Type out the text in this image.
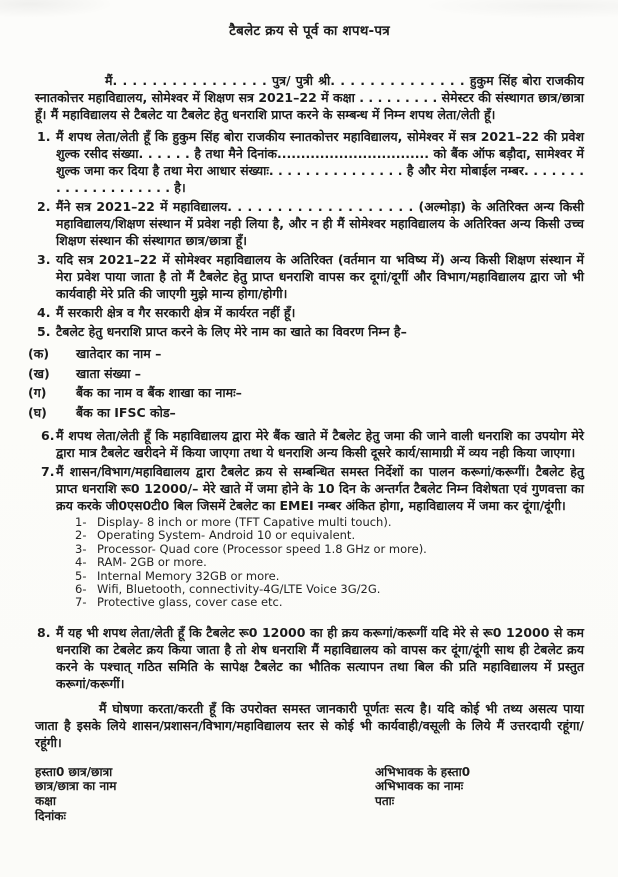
टैबलेट क्रय से पूर्व का शपथ-पत्र

मैं. . . . . . . . . . . . . . . . पुत्र/ पुत्री श्री. . . . . . . . . . . . . . हुकुम सिंह बोरा राजकीय स्नातकोत्तर महाविद्यालय, सोमेश्वर में शिक्षण सत्र 2021–22 में कक्षा . . . . . . . . . सेमेस्टर की संस्थागत छात्र/छात्रा हूँ। मैं महाविद्यालय से टैबलेट या टैबलेट हेतु धनराशि प्राप्त करने के सम्बन्ध में निम्न शपथ लेता/लेती हूँ।

1. मैं शपथ लेता/लेती हूँ कि हुकुम सिंह बोरा राजकीय स्नातकोत्तर महाविद्यालय, सोमेश्वर में सत्र 2021–22 की प्रवेश शुल्क रसीद संख्या. . . . . . है तथा मैने दिनांक................................ को बैंक ऑफ बड़ौदा, सामेश्वर में शुल्क जमा कर दिया है तथा मेरा आधार संख्याः. . . . . . . . . . . . . . . है और मेरा मोबाईल नम्बर. . . . . . . . . . . . . . . . . . . . है।
2. मैंने सत्र 2021–22 में महाविद्यालय. . . . . . . . . . . . . . . . . . . (अल्मोड़ा) के अतिरिक्त अन्य किसी महाविद्यालय/शिक्षण संस्थान में प्रवेश नही लिया है, और न ही मैं सोमेश्वर महाविद्यालय के अतिरिक्त अन्य किसी उच्च शिक्षण संस्थान की संस्थागत छात्र/छात्रा हूँ।
3. यदि सत्र 2021–22 में सोमेश्वर महाविद्यालय के अतिरिक्त (वर्तमान या भविष्य में) अन्य किसी शिक्षण संस्थान में मेरा प्रवेश पाया जाता है तो मैं टैबलेट हेतु प्राप्त धनराशि वापस कर दूगां/दूगीं और विभाग/महाविद्यालय द्वारा जो भी कार्यवाही मेरे प्रति की जाएगी मुझे मान्य होगा/होगी।
4. मैं सरकारी क्षेत्र व गैर सरकारी क्षेत्र में कार्यरत नहीं हूँ।
5. टैबलेट हेतु धनराशि प्राप्त करने के लिए मेरे नाम का खाते का विवरण निम्न है–
(क)	खातेदार का नाम –
(ख)	खाता संख्या –
(ग)	बैंक का नाम व बैंक शाखा का नामः–
(घ)	बैंक का IFSC कोड–
6. मैं शपथ लेता/लेती हूँ कि महाविद्यालय द्वारा मेरे बैंक खाते में टैबलेट हेतु जमा की जाने वाली धनराशि का उपयोग मेरे द्वारा मात्र टैबलेट खरीदने में किया जाएगा तथा ये धनराशि अन्य किसी दूसरे कार्य/सामाग्री में व्यय नही किया जाएगा।
7. मैं शासन/विभाग/महाविद्यालय द्वारा टैबलेट क्रय से सम्बन्धित समस्त निर्देशों का पालन करूगां/करूगीं। टैबलेट हेतु प्राप्त धनराशि रू0 12000/– मेरे खाते में जमा होने के 10 दिन के अन्तर्गत टैबलेट निम्न विशेषता एवं गुणवत्ता का क्रय करके जी0एस0टी0 बिल जिसमें टेबलेट का EMEI नम्बर अंकित होगा, महाविद्यालय में जमा कर दूंगा/दूंगी।
1- Display- 8 inch or more (TFT Capative multi touch).
2- Operating System- Android 10 or equivalent.
3- Processor- Quad core (Processor speed 1.8 GHz or more).
4- RAM- 2GB or more.
5- Internal Memory 32GB or more.
6- Wifi, Bluetooth, connectivity-4G/LTE Voice 3G/2G.
7- Protective glass, cover case etc.
8. मैं यह भी शपथ लेता/लेती हूँ कि टैबलेट रू0 12000 का ही क्रय करूगां/करूगीं यदि मेरे से रू0 12000 से कम धनराशि का टेबलेट क्रय किया जाता है तो शेष धनराशि मैं महाविद्यालय को वापस कर दूंगा/दूंगी साथ ही टेबलेट क्रय करने के पश्चात् गठित समिति के सापेक्ष टैबलेट का भौतिक सत्यापन तथा बिल की प्रति महाविद्यालय में प्रस्तुत करूगां/करूगीं।

मैं घोषणा करता/करती हूँ कि उपरोक्त समस्त जानकारी पूर्णतः सत्य है। यदि कोई भी तथ्य असत्य पाया जाता है इसके लिये शासन/प्रशासन/विभाग/महाविद्यालय स्तर से कोई भी कार्यवाही/वसूली के लिये मैं उत्तरदायी रहूंगा/रहूंगी।

हस्ता0 छात्र/छात्रा
छात्र/छात्रा का नाम
कक्षा
दिनांकः
अभिभावक के हस्ता0
अभिभावक का नामः
पताः
